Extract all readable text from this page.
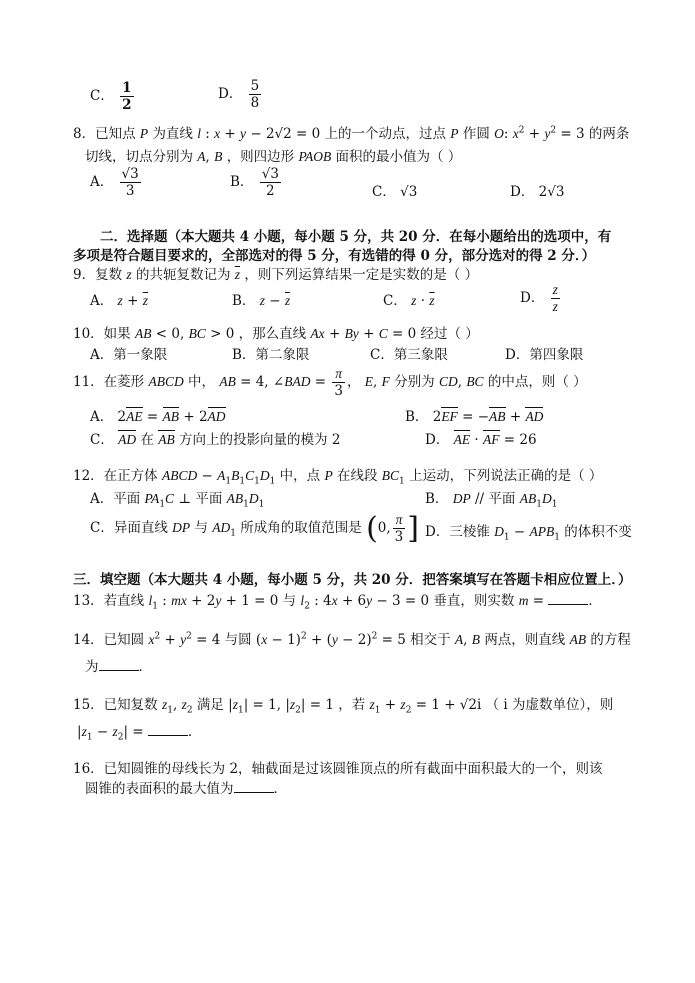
C． $\frac{1}{2}$	D． $\frac{5}{8}$
8．已知点 P 为直线 l : x + y − 2√2 = 0 上的一个动点，过点 P 作圆 O: $x^2 + y^2 = 3$ 的两条
切线，切点分别为 A, B ，则四边形 PAOB 面积的最小值为（ ）
A． $\frac{√3}{3}$	B． $\frac{√3}{2}$	C． √3	D． 2√3
二．选择题（本大题共 4 小题，每小题 5 分，共 20 分．在每小题给出的选项中，有
多项是符合题目要求的，全部选对的得 5 分，有选错的得 0 分，部分选对的得 2 分．）
9．复数 z 的共轭复数记为 $\overline{z}$ ，则下列运算结果一定是实数的是（ ）
A． $z + \overline{z}$	B． $z - \overline{z}$	C． $z \cdot \overline{z}$	D． $\frac{z}{z}$
10．如果 AB < 0, BC > 0 ，那么直线 Ax + By + C = 0 经过（ ）
A．第一象限	B．第二象限	C．第三象限	D．第四象限
11．在菱形 ABCD 中， AB = 4, ∠BAD = $\frac{\pi}{3}$ ， E, F 分别为 CD, BC 的中点，则（ ）
A． 2AE = AB + 2AD	B． 2EF = −AB + AD
C． AD 在 AB 方向上的投影向量的模为 2	D． AE · AF = 26
12．在正方体 ABCD − $A_1B_1C_1D_1$ 中，点 P 在线段 $BC_1$ 上运动，下列说法正确的是（ ）
A．平面 $PA_1C$ ⊥ 平面 $AB_1D_1$	B． DP // 平面 $AB_1D_1$
C．异面直线 DP 与 $AD_1$ 所成角的取值范围是 (0, $\frac{\pi}{3}$ ] D．三棱锥 $D_1 - APB_1$ 的体积不变
三．填空题（本大题共 4 小题，每小题 5 分，共 20 分．把答案填写在答题卡相应位置上．）
13．若直线 $l_1$ : mx + 2y + 1 = 0 与 $l_2$ : 4x + 6y − 3 = 0 垂直，则实数 m =	．
14．已知圆 $x^2 + y^2 = 4$ 与圆 $(x - 1)^2 + (y - 2)^2 = 5$ 相交于 A, B 两点，则直线 AB 的方程
为	．
15．已知复数 $z_1$, $z_2$ 满足 $|z_1| = 1$, $|z_2| = 1$ ，若 $z_1 + z_2 = 1 + √2i$ （ i 为虚数单位），则
$|z_1 - z_2|$ =	．
16．已知圆锥的母线长为 2，轴截面是过该圆锥顶点的所有截面中面积最大的一个，则该
圆锥的表面积的最大值为	．
